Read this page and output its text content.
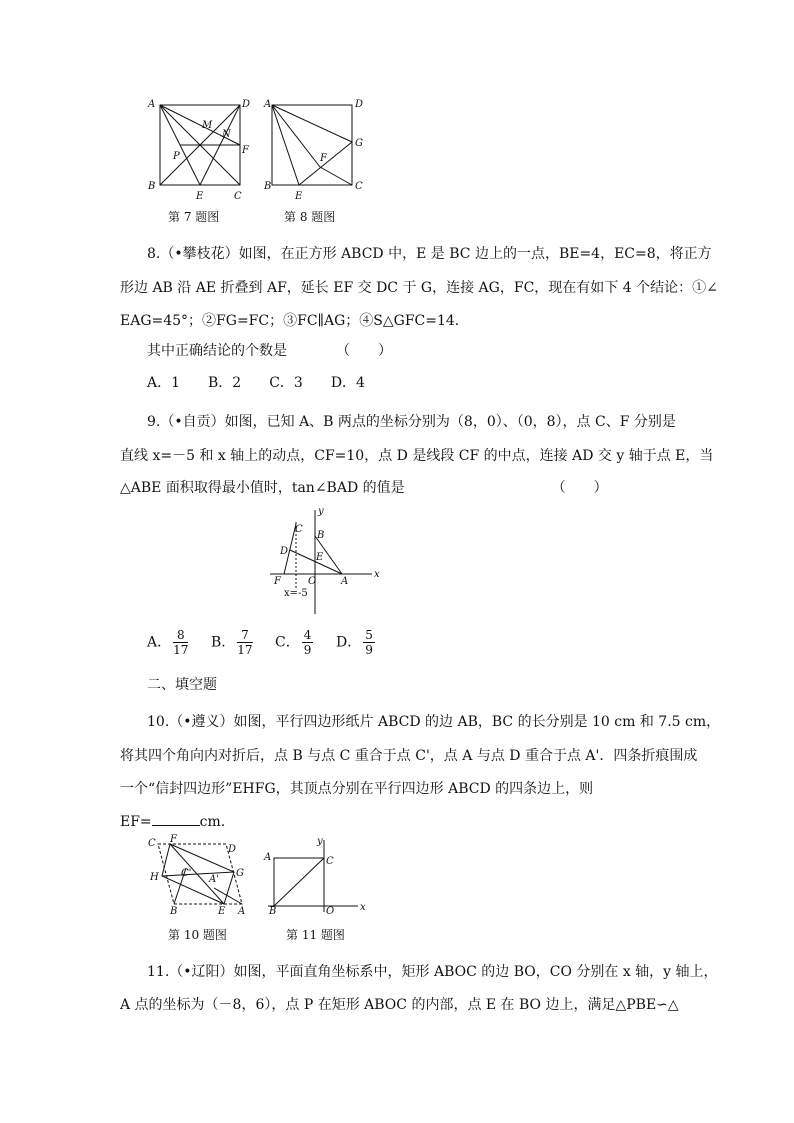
A	D
B
C
E
F
M
N
P
第 7 题图
A	D
B	C
E
F
G
第 8 题图
8.（•攀枝花）如图，在正方形 ABCD 中，E 是 BC 边上的一点，BE=4，EC=8，将正方
形边 AB 沿 AE 折叠到 AF，延长 EF 交 DC 于 G，连接 AG，FC，现在有如下 4 个结论：①∠
EAG=45°；②FG=FC；③FC∥AG；④S△GFC=14．
其中正确结论的个数是　　　　（　　）
A．1　　B．2　　C．3　　D．4
9.（•自贡）如图，已知 A、B 两点的坐标分别为（8，0）、（0，8），点 C、F 分别是
直线 x=－5 和 x 轴上的动点，CF=10，点 D 是线段 CF 的中点，连接 AD 交 y 轴于点 E，当
△ABE 面积取得最小值时，tan∠BAD 的值是　　　　　　　　　　　（　　）
x
y
O A
B
C
D
E
F
x=-5
A． $\frac{8}{17}$ B． $\frac{7}{17}$ C． $\frac{4}{9}$ D． $\frac{5}{9}$
二、填空题
10.（•遵义）如图，平行四边形纸片 ABCD 的边 AB，BC 的长分别是 10 cm 和 7.5 cm，
将其四个角向内对折后，点 B 与点 C 重合于点 C'，点 A 与点 D 重合于点 A'．四条折痕围成
一个“信封四边形”EHFG，其顶点分别在平行四边形 ABCD 的四条边上，则
EF=	cm.
C F
D
H C'
A'
G
B	E A
第 10 题图
A	C
B	O	x
y
第 11 题图
11.（•辽阳）如图，平面直角坐标系中，矩形 ABOC 的边 BO，CO 分别在 x 轴，y 轴上，
A 点的坐标为（－8，6），点 P 在矩形 ABOC 的内部，点 E 在 BO 边上，满足△PBE∽△
